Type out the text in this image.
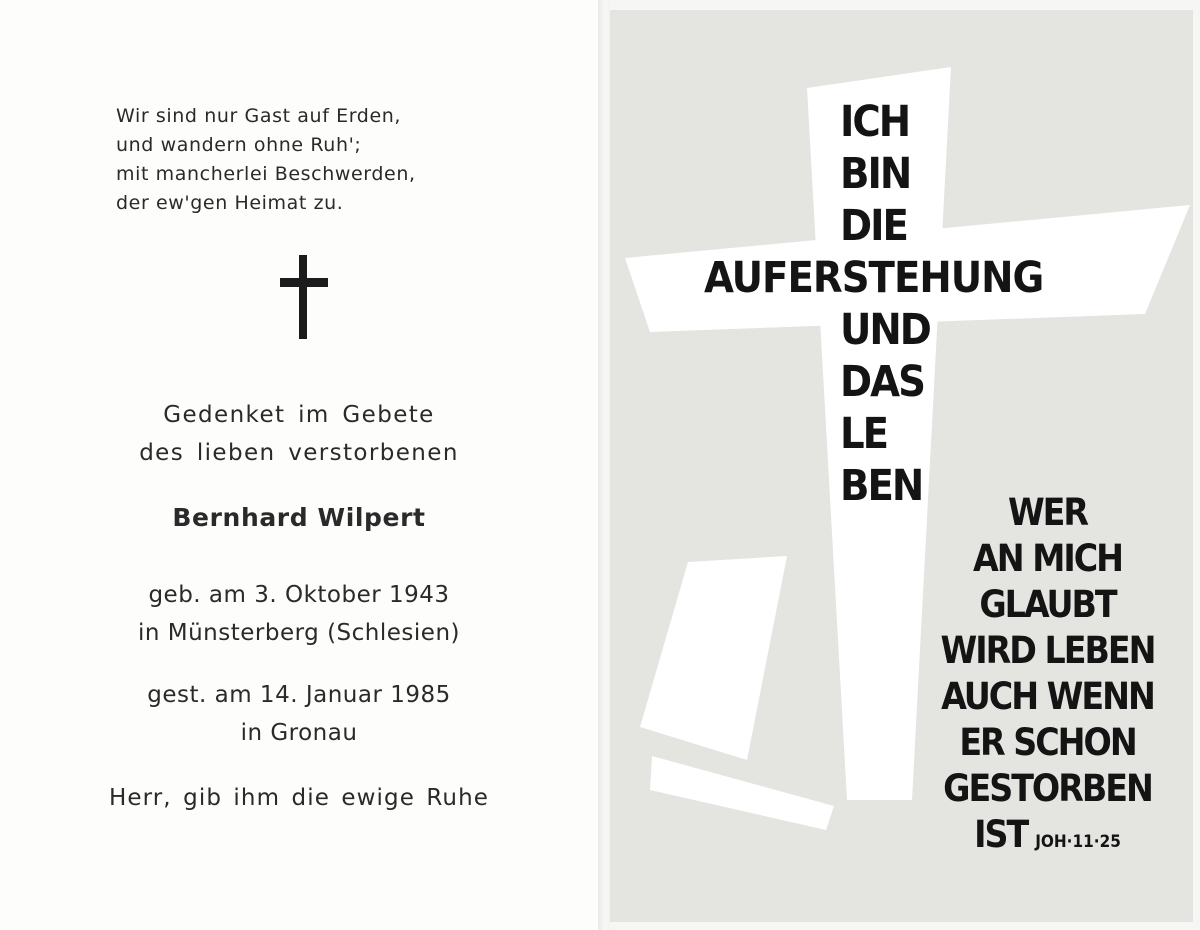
Wir sind nur Gast auf Erden,
und wandern ohne Ruh';
mit mancherlei Beschwerden,
der ew'gen Heimat zu.
Gedenket im Gebete
des lieben verstorbenen
Bernhard Wilpert
geb. am 3. Oktober 1943
in Münsterberg (Schlesien)
gest. am 14. Januar 1985
in Gronau
Herr, gib ihm die ewige Ruhe
ICH
BIN
DIE
AUFERSTEHUNG
UND
DAS
LE
BEN
WER
AN MICH
GLAUBT
WIRD LEBEN
AUCH WENN
ER SCHON
GESTORBEN
IST JOH·11·25
